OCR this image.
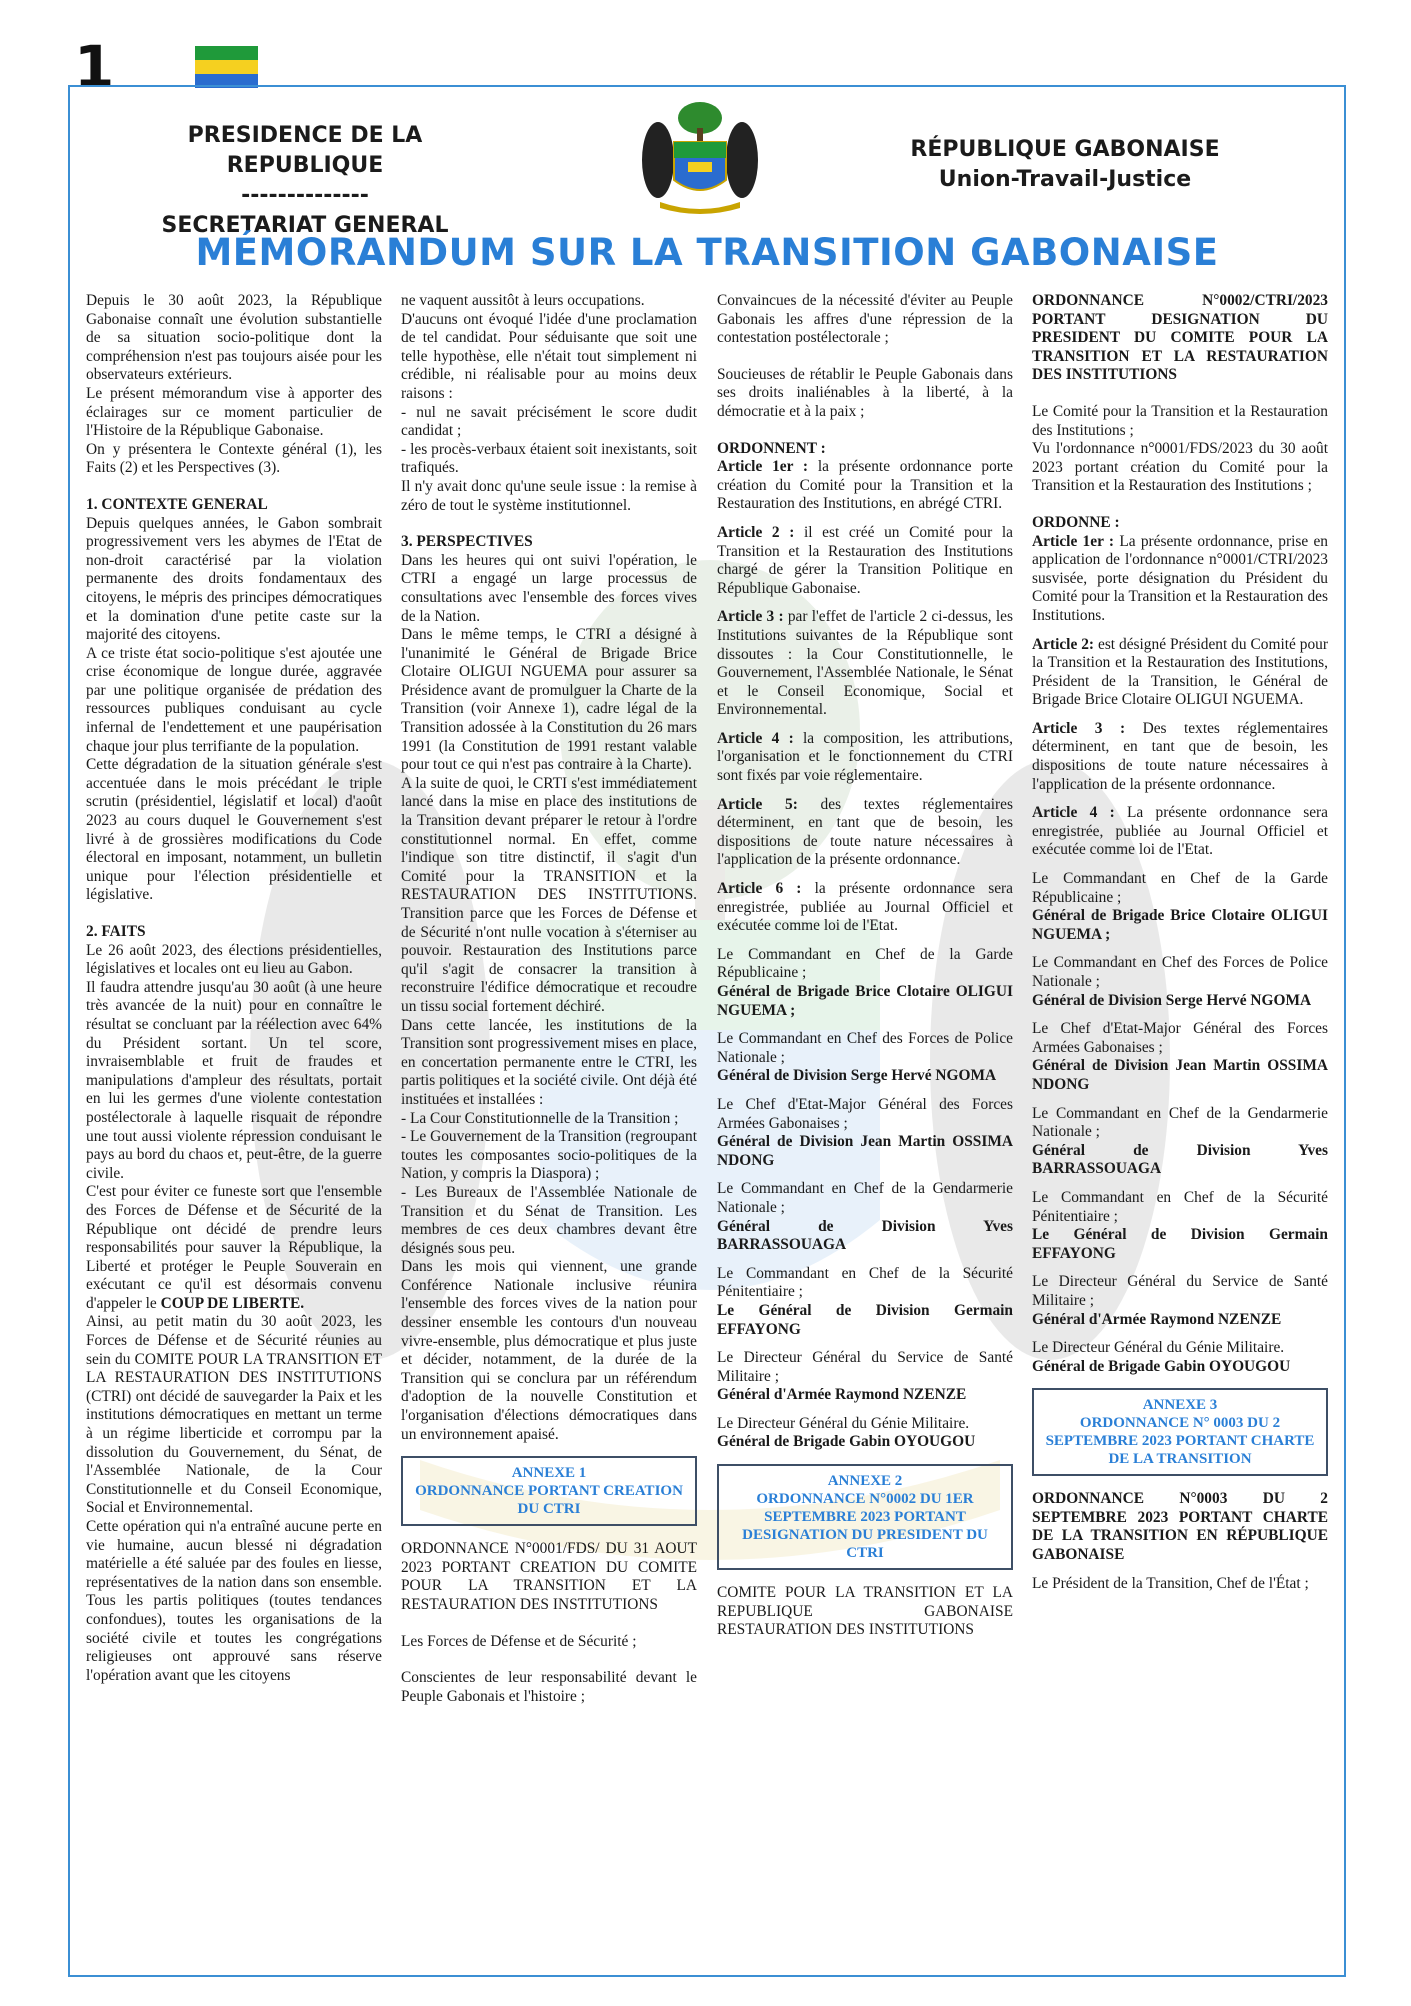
1
PRESIDENCE DE LA REPUBLIQUE
--------------
SECRETARIAT GENERAL
RÉPUBLIQUE GABONAISE
Union-Travail-Justice
MÉMORANDUM SUR LA TRANSITION GABONAISE

Depuis le 30 août 2023, la République Gabonaise connaît une évolution substantielle de sa situation socio-politique dont la compréhension n'est pas toujours aisée pour les observateurs extérieurs.

Le présent mémorandum vise à apporter des éclairages sur ce moment particulier de l'Histoire de la République Gabonaise.

On y présentera le Contexte général (1), les Faits (2) et les Perspectives (3).

1. CONTEXTE GENERAL

Depuis quelques années, le Gabon sombrait progressivement vers les abymes de l'Etat de non-droit caractérisé par la violation permanente des droits fondamentaux des citoyens, le mépris des principes démocratiques et la domination d'une petite caste sur la majorité des citoyens.

A ce triste état socio-politique s'est ajoutée une crise économique de longue durée, aggravée par une politique organisée de prédation des ressources publiques conduisant au cycle infernal de l'endettement et une paupérisation chaque jour plus terrifiante de la population.

Cette dégradation de la situation générale s'est accentuée dans le mois précédant le triple scrutin (présidentiel, législatif et local) d'août 2023 au cours duquel le Gouvernement s'est livré à de grossières modifications du Code électoral en imposant, notamment, un bulletin unique pour l'élection présidentielle et législative.

2. FAITS

Le 26 août 2023, des élections présidentielles, législatives et locales ont eu lieu au Gabon.

Il faudra attendre jusqu'au 30 août (à une heure très avancée de la nuit) pour en connaître le résultat se concluant par la réélection avec 64% du Président sortant. Un tel score, invraisemblable et fruit de fraudes et manipulations d'ampleur des résultats, portait en lui les germes d'une violente contestation postélectorale à laquelle risquait de répondre une tout aussi violente répression conduisant le pays au bord du chaos et, peut-être, de la guerre civile.

C'est pour éviter ce funeste sort que l'ensemble des Forces de Défense et de Sécurité de la République ont décidé de prendre leurs responsabilités pour sauver la République, la Liberté et protéger le Peuple Souverain en exécutant ce qu'il est désormais convenu d'appeler le COUP DE LIBERTE.

Ainsi, au petit matin du 30 août 2023, les Forces de Défense et de Sécurité réunies au sein du COMITE POUR LA TRANSITION ET LA RESTAURATION DES INSTITUTIONS (CTRI) ont décidé de sauvegarder la Paix et les institutions démocratiques en mettant un terme à un régime liberticide et corrompu par la dissolution du Gouvernement, du Sénat, de l'Assemblée Nationale, de la Cour Constitutionnelle et du Conseil Economique, Social et Environnemental.

Cette opération qui n'a entraîné aucune perte en vie humaine, aucun blessé ni dégradation matérielle a été saluée par des foules en liesse, représentatives de la nation dans son ensemble. Tous les partis politiques (toutes tendances confondues), toutes les organisations de la société civile et toutes les congrégations religieuses ont approuvé sans réserve l'opération avant que les citoyens

ne vaquent aussitôt à leurs occupations.

D'aucuns ont évoqué l'idée d'une proclamation de tel candidat. Pour séduisante que soit une telle hypothèse, elle n'était tout simplement ni crédible, ni réalisable pour au moins deux raisons :

- nul ne savait précisément le score dudit candidat ;

- les procès-verbaux étaient soit inexistants, soit trafiqués.

Il n'y avait donc qu'une seule issue : la remise à zéro de tout le système institutionnel.

3. PERSPECTIVES

Dans les heures qui ont suivi l'opération, le CTRI a engagé un large processus de consultations avec l'ensemble des forces vives de la Nation.

Dans le même temps, le CTRI a désigné à l'unanimité le Général de Brigade Brice Clotaire OLIGUI NGUEMA pour assurer sa Présidence avant de promulguer la Charte de la Transition (voir Annexe 1), cadre légal de la Transition adossée à la Constitution du 26 mars 1991 (la Constitution de 1991 restant valable pour tout ce qui n'est pas contraire à la Charte).

A la suite de quoi, le CRTI s'est immédiatement lancé dans la mise en place des institutions de la Transition devant préparer le retour à l'ordre constitutionnel normal. En effet, comme l'indique son titre distinctif, il s'agit d'un Comité pour la TRANSITION et la RESTAURATION DES INSTITUTIONS. Transition parce que les Forces de Défense et de Sécurité n'ont nulle vocation à s'éterniser au pouvoir. Restauration des Institutions parce qu'il s'agit de consacrer la transition à reconstruire l'édifice démocratique et recoudre un tissu social fortement déchiré.

Dans cette lancée, les institutions de la Transition sont progressivement mises en place, en concertation permanente entre le CTRI, les partis politiques et la société civile. Ont déjà été instituées et installées :

- La Cour Constitutionnelle de la Transition ;

- Le Gouvernement de la Transition (regroupant toutes les composantes socio-politiques de la Nation, y compris la Diaspora) ;

- Les Bureaux de l'Assemblée Nationale de Transition et du Sénat de Transition. Les membres de ces deux chambres devant être désignés sous peu.

Dans les mois qui viennent, une grande Conférence Nationale inclusive réunira l'ensemble des forces vives de la nation pour dessiner ensemble les contours d'un nouveau vivre-ensemble, plus démocratique et plus juste et décider, notamment, de la durée de la Transition qui se conclura par un référendum d'adoption de la nouvelle Constitution et l'organisation d'élections démocratiques dans un environnement apaisé.

ANNEXE 1
ORDONNANCE PORTANT CREATION DU CTRI

ORDONNANCE N°0001/FDS/ DU 31 AOUT 2023 PORTANT CREATION DU COMITE POUR LA TRANSITION ET LA RESTAURATION DES INSTITUTIONS

Les Forces de Défense et de Sécurité ;

Conscientes de leur responsabilité devant le Peuple Gabonais et l'histoire ;

Convaincues de la nécessité d'éviter au Peuple Gabonais les affres d'une répression de la contestation postélectorale ;

Soucieuses de rétablir le Peuple Gabonais dans ses droits inaliénables à la liberté, à la démocratie et à la paix ;

ORDONNENT :

Article 1er : la présente ordonnance porte création du Comité pour la Transition et la Restauration des Institutions, en abrégé CTRI.

Article 2 : il est créé un Comité pour la Transition et la Restauration des Institutions chargé de gérer la Transition Politique en République Gabonaise.

Article 3 : par l'effet de l'article 2 ci-dessus, les Institutions suivantes de la République sont dissoutes : la Cour Constitutionnelle, le Gouvernement, l'Assemblée Nationale, le Sénat et le Conseil Economique, Social et Environnemental.

Article 4 : la composition, les attributions, l'organisation et le fonctionnement du CTRI sont fixés par voie réglementaire.

Article 5: des textes réglementaires déterminent, en tant que de besoin, les dispositions de toute nature nécessaires à l'application de la présente ordonnance.

Article 6 : la présente ordonnance sera enregistrée, publiée au Journal Officiel et exécutée comme loi de l'Etat.

Le Commandant en Chef de la Garde Républicaine ;

Général de Brigade Brice Clotaire OLIGUI NGUEMA ;

Le Commandant en Chef des Forces de Police Nationale ;

Général de Division Serge Hervé NGOMA

Le Chef d'Etat-Major Général des Forces Armées Gabonaises ;

Général de Division Jean Martin OSSIMA NDONG

Le Commandant en Chef de la Gendarmerie Nationale ;

Général de Division Yves BARRASSOUAGA

Le Commandant en Chef de la Sécurité Pénitentiaire ;

Le Général de Division Germain EFFAYONG

Le Directeur Général du Service de Santé Militaire ;

Général d'Armée Raymond NZENZE

Le Directeur Général du Génie Militaire.

Général de Brigade Gabin OYOUGOU

ANNEXE 2
ORDONNANCE N°0002 DU 1ER SEPTEMBRE 2023 PORTANT DESIGNATION DU PRESIDENT DU CTRI

COMITE POUR LA TRANSITION ET LA REPUBLIQUE GABONAISE RESTAURATION DES INSTITUTIONS

ORDONNANCE N°0002/CTRI/2023 PORTANT DESIGNATION DU PRESIDENT DU COMITE POUR LA TRANSITION ET LA RESTAURATION DES INSTITUTIONS

Le Comité pour la Transition et la Restauration des Institutions ;

Vu l'ordonnance n°0001/FDS/2023 du 30 août 2023 portant création du Comité pour la Transition et la Restauration des Institutions ;

ORDONNE :

Article 1er : La présente ordonnance, prise en application de l'ordonnance n°0001/CTRI/2023 susvisée, porte désignation du Président du Comité pour la Transition et la Restauration des Institutions.

Article 2: est désigné Président du Comité pour la Transition et la Restauration des Institutions, Président de la Transition, le Général de Brigade Brice Clotaire OLIGUI NGUEMA.

Article 3 : Des textes réglementaires déterminent, en tant que de besoin, les dispositions de toute nature nécessaires à l'application de la présente ordonnance.

Article 4 : La présente ordonnance sera enregistrée, publiée au Journal Officiel et exécutée comme loi de l'Etat.

Le Commandant en Chef de la Garde Républicaine ;

Général de Brigade Brice Clotaire OLIGUI NGUEMA ;

Le Commandant en Chef des Forces de Police Nationale ;

Général de Division Serge Hervé NGOMA

Le Chef d'Etat-Major Général des Forces Armées Gabonaises ;

Général de Division Jean Martin OSSIMA NDONG

Le Commandant en Chef de la Gendarmerie Nationale ;

Général de Division Yves BARRASSOUAGA

Le Commandant en Chef de la Sécurité Pénitentiaire ;

Le Général de Division Germain EFFAYONG

Le Directeur Général du Service de Santé Militaire ;

Général d'Armée Raymond NZENZE

Le Directeur Général du Génie Militaire.

Général de Brigade Gabin OYOUGOU

ANNEXE 3
ORDONNANCE N° 0003 DU 2 SEPTEMBRE 2023 PORTANT CHARTE DE LA TRANSITION

ORDONNANCE N°0003 DU 2 SEPTEMBRE 2023 PORTANT CHARTE DE LA TRANSITION EN RÉPUBLIQUE GABONAISE

Le Président de la Transition, Chef de l'État ;
